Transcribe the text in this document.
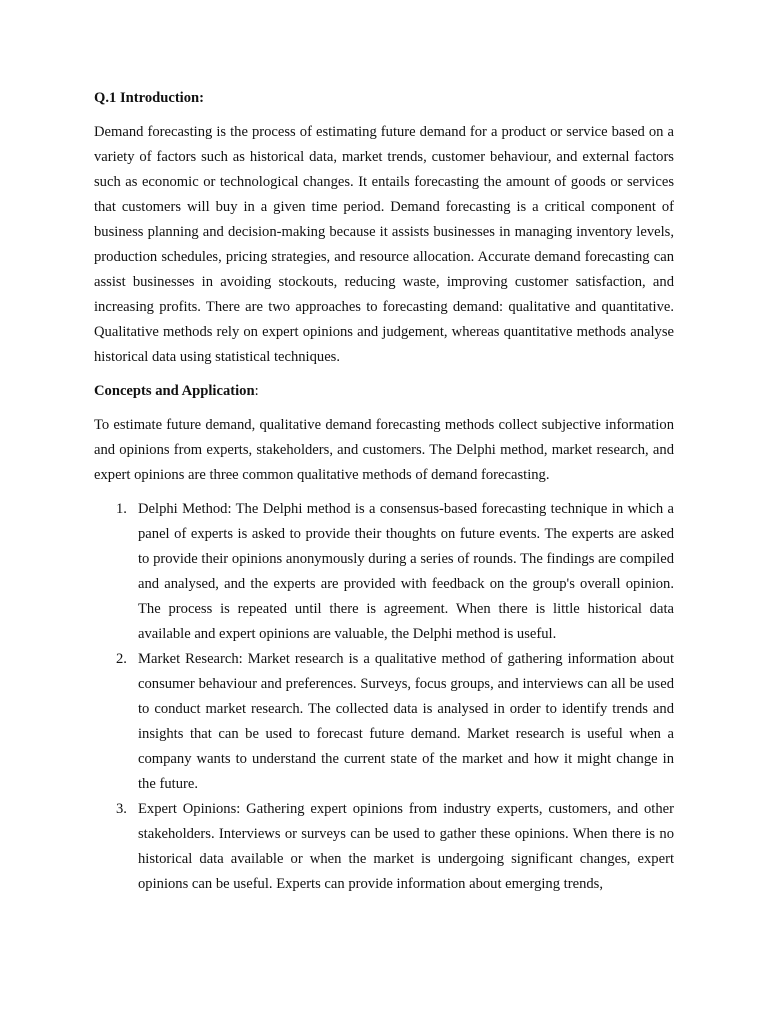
Q.1 Introduction:

Demand forecasting is the process of estimating future demand for a product or service based on a variety of factors such as historical data, market trends, customer behaviour, and external factors such as economic or technological changes. It entails forecasting the amount of goods or services that customers will buy in a given time period. Demand forecasting is a critical component of business planning and decision-making because it assists businesses in managing inventory levels, production schedules, pricing strategies, and resource allocation. Accurate demand forecasting can assist businesses in avoiding stockouts, reducing waste, improving customer satisfaction, and increasing profits. There are two approaches to forecasting demand: qualitative and quantitative. Qualitative methods rely on expert opinions and judgement, whereas quantitative methods analyse historical data using statistical techniques.

Concepts and Application:

To estimate future demand, qualitative demand forecasting methods collect subjective information and opinions from experts, stakeholders, and customers. The Delphi method, market research, and expert opinions are three common qualitative methods of demand forecasting.

1. Delphi Method: The Delphi method is a consensus-based forecasting technique in which a panel of experts is asked to provide their thoughts on future events. The experts are asked to provide their opinions anonymously during a series of rounds. The findings are compiled and analysed, and the experts are provided with feedback on the group's overall opinion. The process is repeated until there is agreement. When there is little historical data available and expert opinions are valuable, the Delphi method is useful.
2. Market Research: Market research is a qualitative method of gathering information about consumer behaviour and preferences. Surveys, focus groups, and interviews can all be used to conduct market research. The collected data is analysed in order to identify trends and insights that can be used to forecast future demand. Market research is useful when a company wants to understand the current state of the market and how it might change in the future.
3. Expert Opinions: Gathering expert opinions from industry experts, customers, and other stakeholders. Interviews or surveys can be used to gather these opinions. When there is no historical data available or when the market is undergoing significant changes, expert opinions can be useful. Experts can provide information about emerging trends,
